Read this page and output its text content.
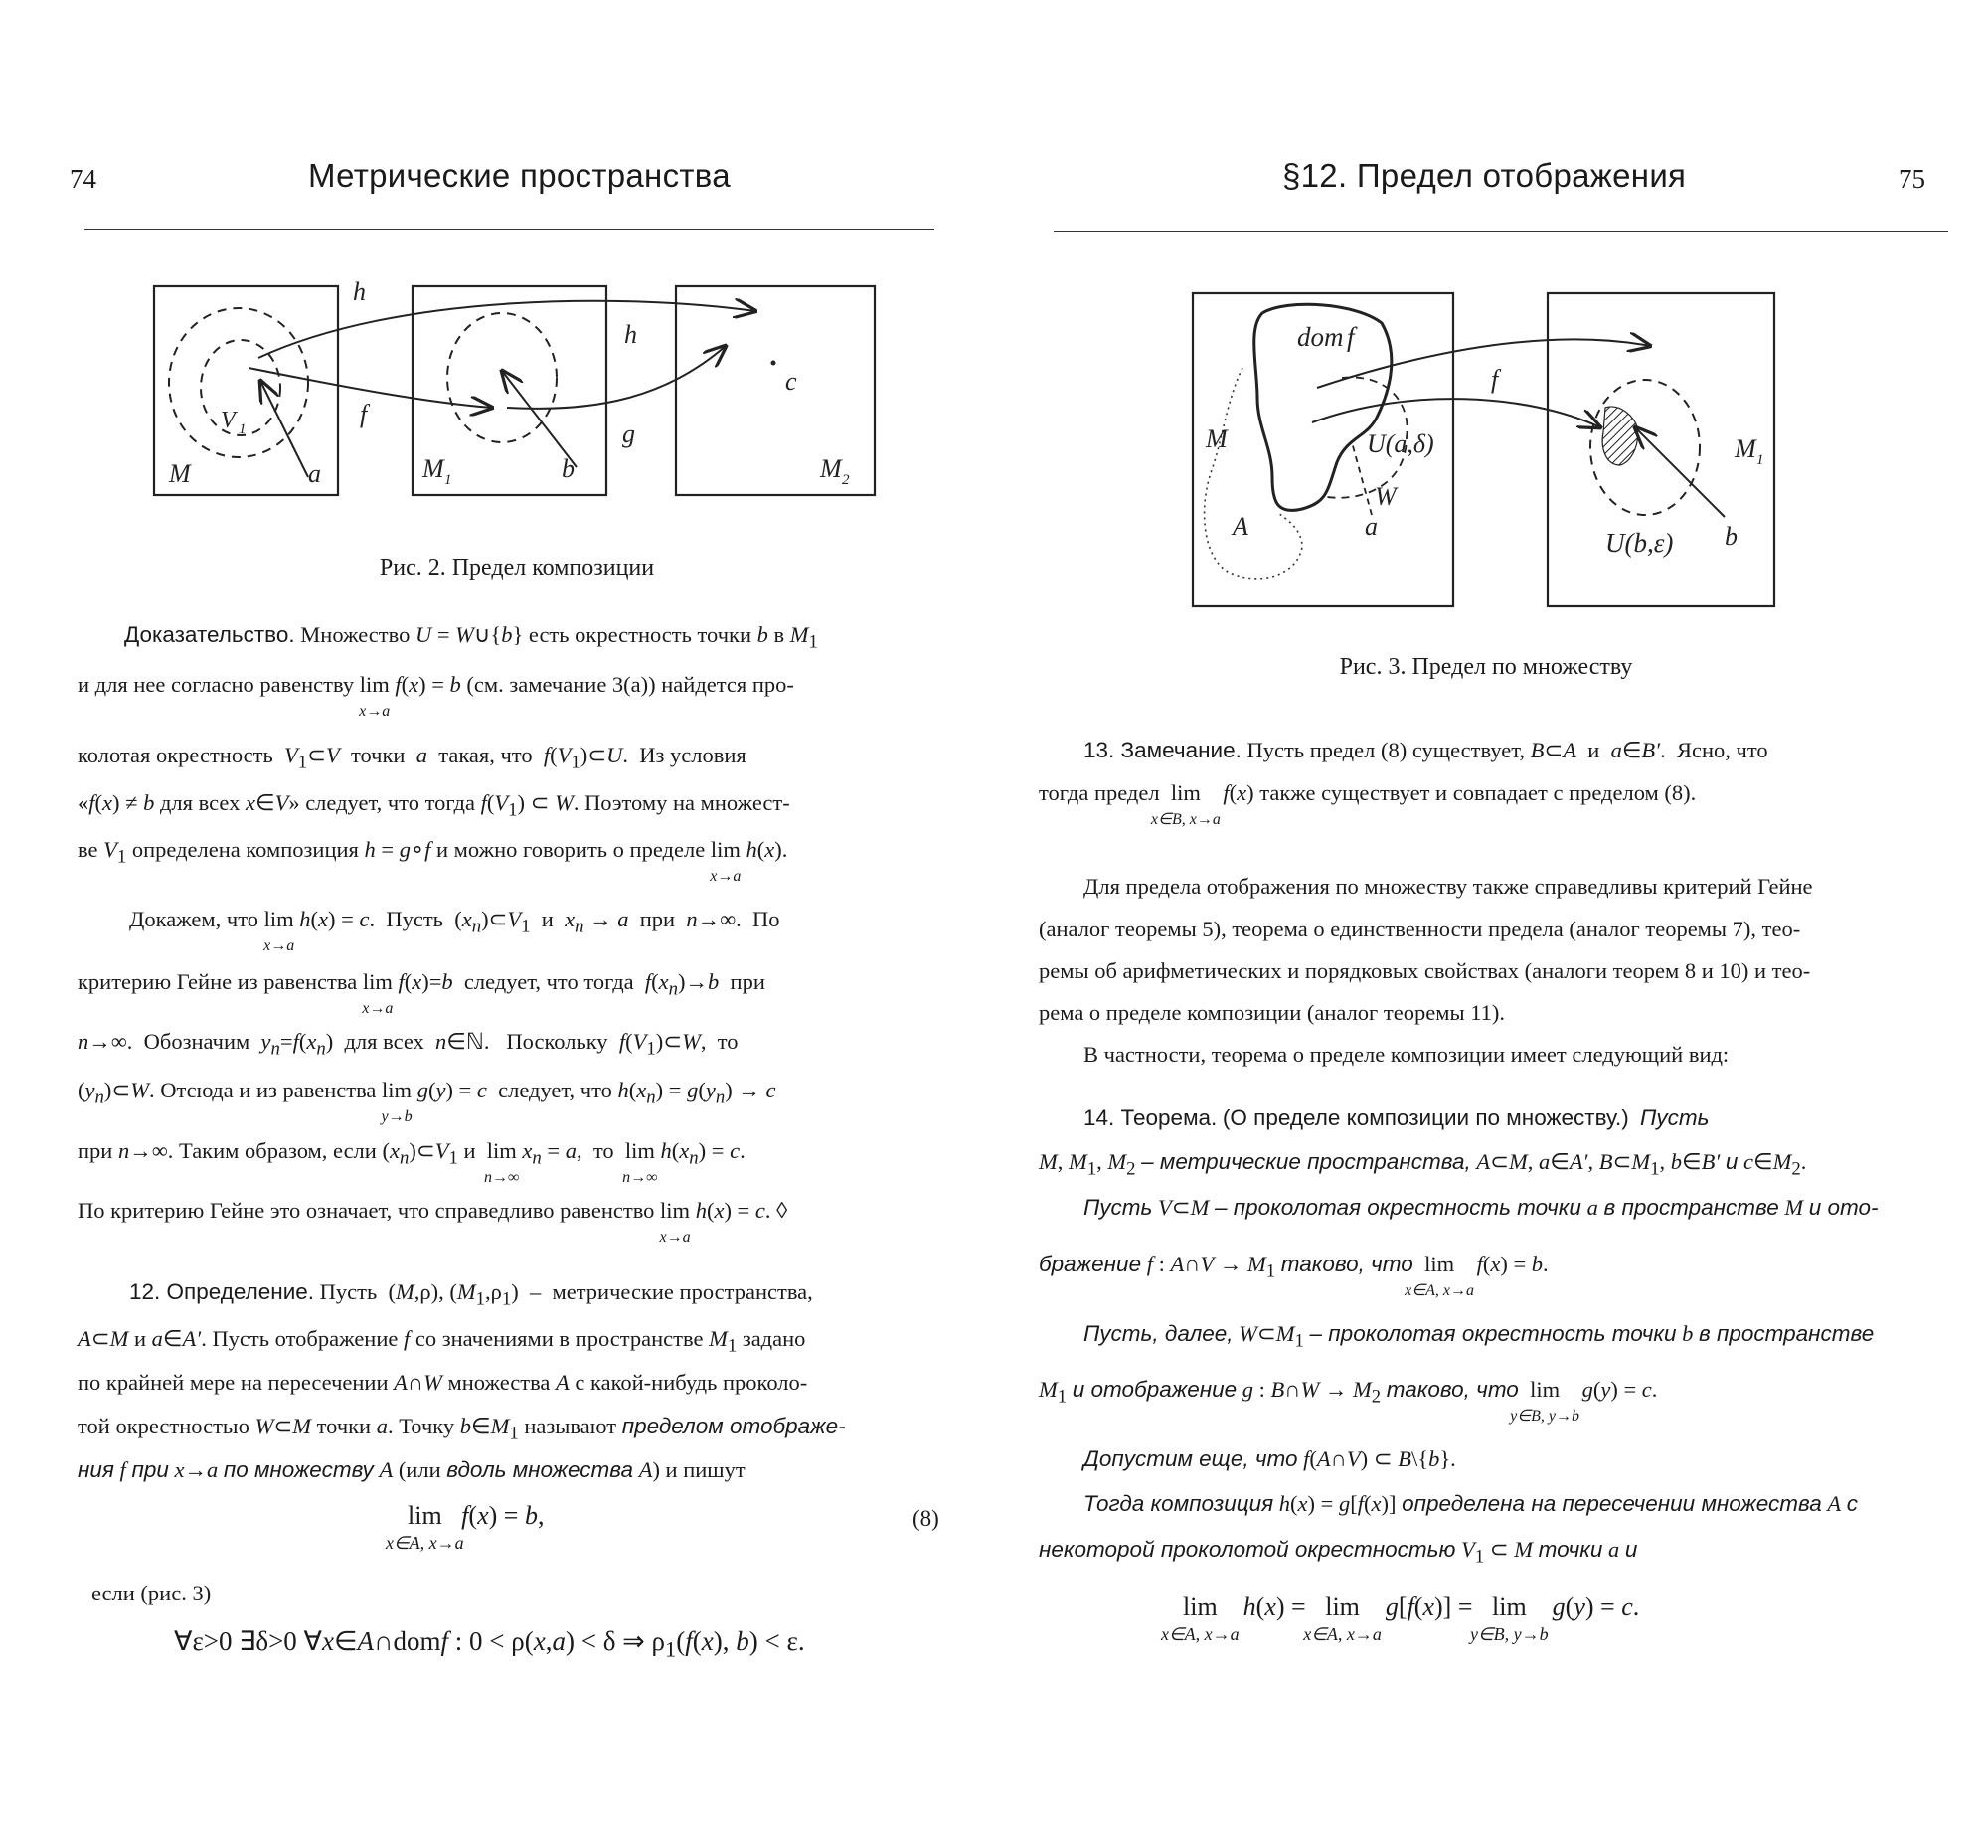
74	Метрические пространства
h
h
f
g
c
V 1
M	a	M 1	b	M 2
Рис. 2. Предел композиции
Доказательство. Множество U = W∪{b} есть окрестность точки b в $M_1$
и для нее согласно равенству lim
x→a
f(x) = b (см. замечание 3(а)) найдется про-
колотая окрестность $V_1\subset V$ точки a такая, что $f(V_1)\subset U$.  Из условия
«f(x) ≠ b для всех x∈V» следует, что тогда $f(V_1)$ ⊂ W. Поэтому на множест-
ве $V_1$ определена композиция h = g∘f и можно говорить о пределе lim
x→a
h(x).
Докажем, что lim
x→a
h(x) = c.  Пусть  $(x_n)\subset V_1$ и $x_n \to a$ при n→∞.  По
критерию Гейне из равенства lim
x→a
f(x)=b следует, что тогда $f(x_n)\to b$ при
n→∞.  Обозначим $y_n=f(x_n)$  для всех n∈ℕ.   Поскольку $f(V_1)\subset W$,  то
$(y_n)\subset W$. Отсюда и из равенства lim
y→b
g(y) = c следует, что $h(x_n) = g(y_n) \to c$
при n→∞. Таким образом, если $(x_n)\subset V_1$ и lim
n→∞
$x_n = a$,  то lim
n→∞
$h(x_n) = c$.
По критерию Гейне это означает, что справедливо равенство lim
x→a
h(x) = c. ◊
12. Определение. Пусть  (M,ρ), $(M_1,\rho_1)$  – метрические пространства,
A⊂M и a∈A′. Пусть отображение f со значениями в пространстве $M_1$ задано
по крайней мере на пересечении A∩W множества A с какой-нибудь проколо-
той окрестностью W⊂M точки a. Точку $b\in M_1$ называют пределом отображе-
ния f при x→a по множеству A (или вдоль множества A) и пишут
lim
x∈A, x→a
f(x) = b,	(8)
если (рис. 3)
∀ε>0 ∃δ>0 ∀x∈A∩domf : 0 < ρ(x,a) < δ ⇒ $\rho_1(f(x)$, b) < ε.
§12. Предел отображения	75
dom f
M
A	a
W
U(a,δ)
f
M 1
U(b,ε) b
Рис. 3. Предел по множеству
13. Замечание. Пусть предел (8) существует, B⊂A и a∈B′.  Ясно, что
тогда предел lim
x∈B, x→a
f(x) также существует и совпадает с пределом (8).
Для предела отображения по множеству также справедливы критерий Гейне
(аналог теоремы 5), теорема о единственности предела (аналог теоремы 7), тео-
ремы об арифметических и порядковых свойствах (аналоги теорем 8 и 10) и тео-
рема о пределе композиции (аналог теоремы 11).
В частности, теорема о пределе композиции имеет следующий вид:
14. Теорема. (О пределе композиции по множеству.) Пусть
M, $M_1$, $M_2$ – метрические пространства, A⊂M, a∈A′, $B\subset M_1$, b∈B′ и $c\in M_2$.
Пусть V⊂M – проколотая окрестность точки a в пространстве M и ото-
бражение f : A∩V → $M_1$ таково, что lim
x∈A, x→a
f(x) = b.
Пусть, далее, $W\subset M_1$ – проколотая окрестность точки b в пространстве
$M_1$ и отображение g : B∩W → $M_2$ таково, что lim
y∈B, y→b
g(y) = c.
Допустим еще, что f(A∩V) ⊂ B\{b}.
Тогда композиция h(x) = g[f(x)] определена на пересечении множества A с
некоторой проколотой окрестностью $V_1$ ⊂ M точки a и
lim
x∈A, x→a
h(x) =   lim
x∈A, x→a
g[f(x)] =   lim
y∈B, y→b
g(y) = c.
